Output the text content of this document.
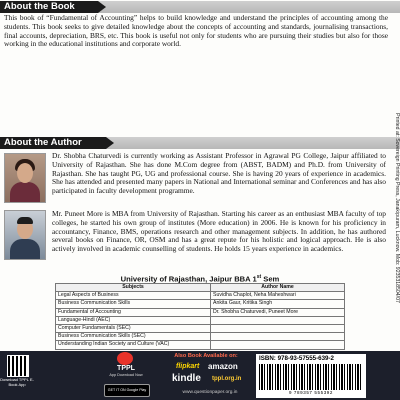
About the Book
This book of “Fundamental of Accounting” helps to build knowledge and understand the principles of accounting among the students. This book seeks to give detailed knowledge about the concepts of accounting and standards, journalising transactions, final accounts, depreciation, BRS, etc. This book is useful not only for students who are pursuing their studies but also for those working in the educational institutions and corporate world.
About the Author
Dr. Shobha Chaturvedi is currently working as Assistant Professor in Agrawal PG College, Jaipur affiliated to University of Rajasthan. She has done M.Com degree from (ABST, BADM) and Ph.D. from University of Rajasthan. She has taught PG, UG and professional course. She is having 20 years of experience in academics. She has attended and presented many papers in National and International seminar and Conferences and has also participated in faculty development programme.
Mr. Puneet More is MBA from University of Rajasthan. Starting his career as an enthusiast MBA faculty of top colleges, he started his own group of institutes (More education) in 2006. He is known for his proficiency in accountancy, Finance, BMS, operations research and other management subjects. In addition, he has authored several books on Finance, OR, OSM and has a great repute for his holistic and logical approach. He is also actively involved in academic counselling of students. He holds 15 years experience in academics.	Printed at: Sovereign Printing Press, Janakipuram, Lucknow. Mob: 9235318504/07
University of Rajasthan, Jaipur BBA 1st Sem
Subjects	Author Name
Legal Aspects of Business	Suvidha Chaplot, Neha Maheshwari
Business Communication Skills	Ankita Gaur, Kritika Singh
Fundamental of Accounting	Dr. Shobha Chaturvedi, Puneet More
Language-Hindi (AEC)	
Computer Fundamentals (SEC)	
Business Communication Skills (SEC)	
Understanding Indian Society and Culture (VAC)	
Download TPPL E-Book App
TPPL
App Download Now
GET IT ON Google Play
Also Book Available on:
flipkart amazon
kindle tppl.org.in
www.questionpaper.org.in
ISBN: 978-93-57555-639-2
9 789357 555392
